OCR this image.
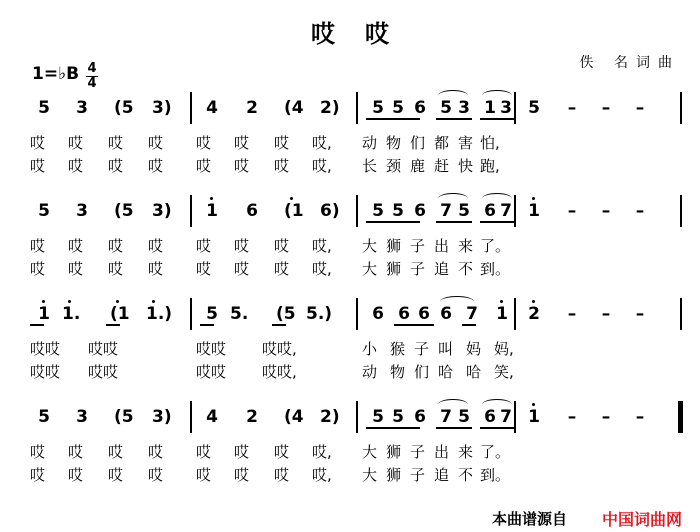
哎哎
佚 名词曲
1=♭B 4
4
5 3 (5 3) 4 2 (4 2) 5 5 6 5 3 1 3 5 – – –
哎 哎 哎 哎 哎 哎 哎 哎, 动 物 们 都 害 怕,
哎 哎 哎 哎 哎 哎 哎 哎, 长 颈 鹿 赶 快 跑,
5 3 (5 3) 1 6 (1 6) 5 5 6 7 5 6 7 1 – – –
哎 哎 哎 哎 哎 哎 哎 哎, 大 狮 子 出 来 了。
哎 哎 哎 哎 哎 哎 哎 哎, 大 狮 子 追 不 到。
1 1. (1 1.) 5 5. (5 5.) 6 6 6 6 7 1 2 – – –
哎哎 哎哎	哎哎 哎哎,	小 猴 子 叫 妈 妈,
哎哎 哎哎	哎哎 哎哎,	动 物 们 哈 哈 笑,
5 3 (5 3) 4 2 (4 2) 5 5 6 7 5 6 7 1 – – –
哎 哎 哎 哎 哎 哎 哎 哎, 大 狮 子 出 来 了。
哎 哎 哎 哎 哎 哎 哎 哎, 大 狮 子 追 不 到。
本曲谱源自 中国词曲网
